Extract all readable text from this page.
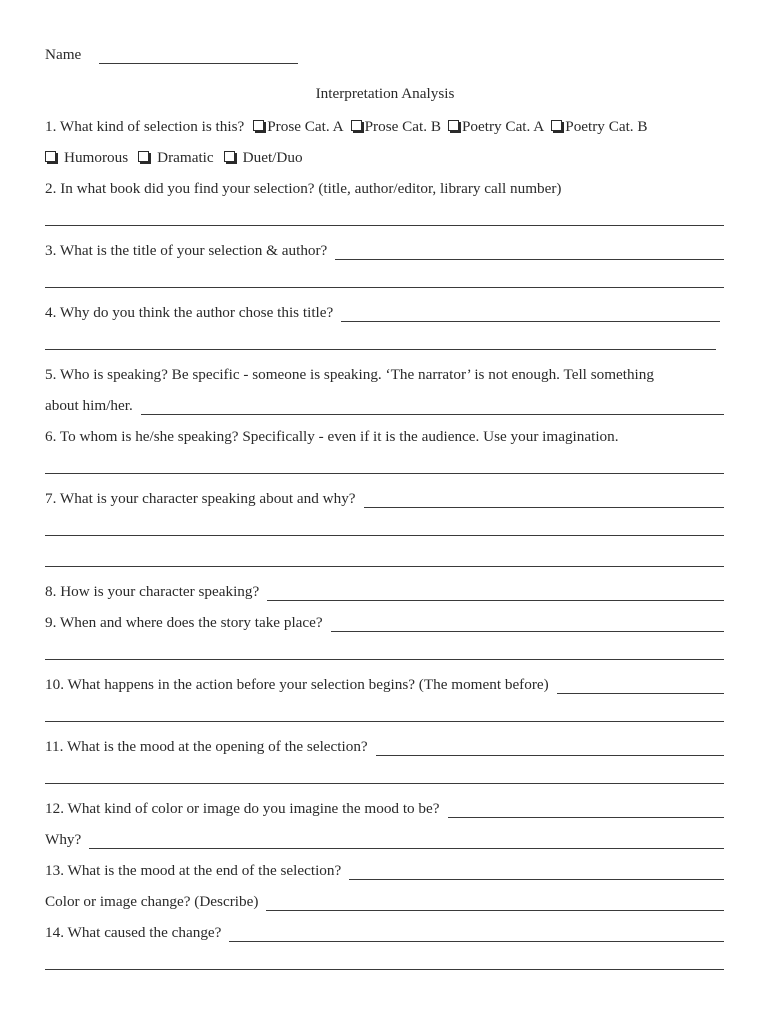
Name
Interpretation Analysis
1. What kind of selection is this?	Prose Cat. A	Prose Cat. B	Poetry Cat. A	Poetry Cat. B
Humorous	Dramatic	Duet/Duo
2. In what book did you find your selection? (title, author/editor, library call number)
3. What is the title of your selection & author?
4. Why do you think the author chose this title?
5. Who is speaking? Be specific - someone is speaking. ‘The narrator’ is not enough. Tell something
about him/her.
6. To whom is he/she speaking? Specifically - even if it is the audience. Use your imagination.
7. What is your character speaking about and why?
8. How is your character speaking?
9. When and where does the story take place?
10. What happens in the action before your selection begins? (The moment before)
11. What is the mood at the opening of the selection?
12. What kind of color or image do you imagine the mood to be?
Why?
13. What is the mood at the end of the selection?
Color or image change? (Describe)
14. What caused the change?
